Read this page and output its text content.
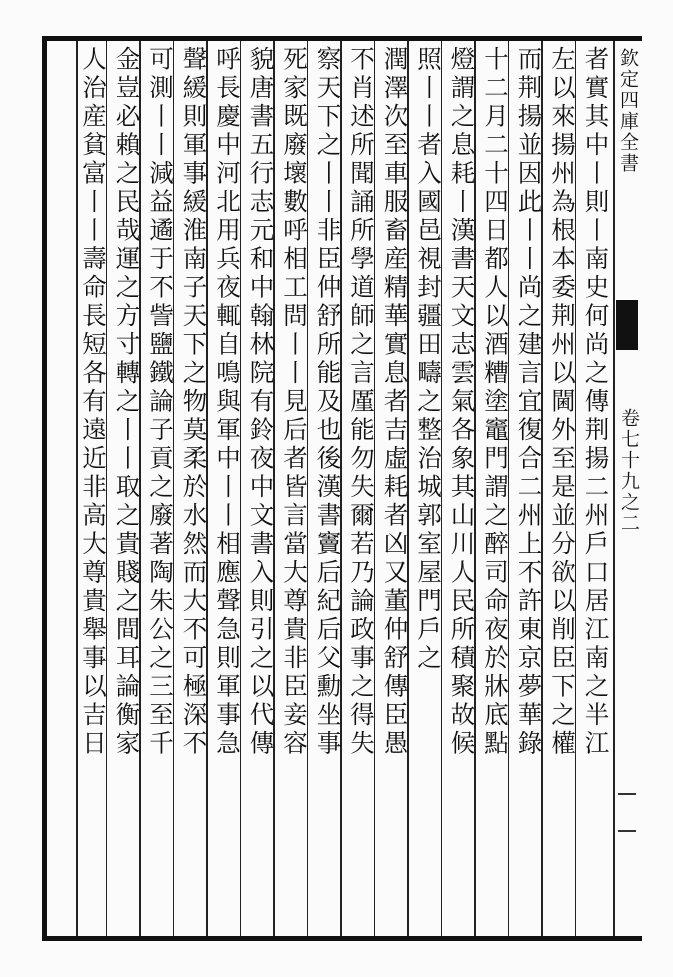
欽定四庫全書
卷七十九之二
者實其中丨則丨南史何尚之傳荆揚二州戶口居江南之半江
左以來揚州為根本委荆州以閫外至是並分欲以削臣下之權
而荆揚並因此丨丨尚之建言宜復合二州上不許東京夢華錄
十二月二十四日都人以酒糟塗竈門謂之醉司命夜於牀底點
燈謂之息耗丨漢書天文志雲氣各象其山川人民所積聚故候
照丨丨者入國邑視封疆田疇之整治城郭室屋門戶之
潤澤次至車服畜産精華實息者吉虛耗者凶又董仲舒傳臣愚
不肖述所聞誦所學道師之言厪能勿失爾若乃論政事之得失
察天下之丨丨非臣仲舒所能及也後漢書竇后紀后父勳坐事
死家既廢壞數呼相工問丨丨見后者皆言當大尊貴非臣妾容
貌唐書五行志元和中翰林院有鈴夜中文書入則引之以代傳
呼長慶中河北用兵夜輒自鳴與軍中丨丨相應聲急則軍事急
聲緩則軍事緩淮南子天下之物莫柔於水然而大不可極深不
可測丨丨減益遹于不訾鹽鐵論子貢之廢著陶朱公之三至千
金豈必賴之民哉運之方寸轉之丨丨取之貴賤之間耳論衡家
人治産貧富丨丨壽命長短各有遠近非高大尊貴舉事以吉日
